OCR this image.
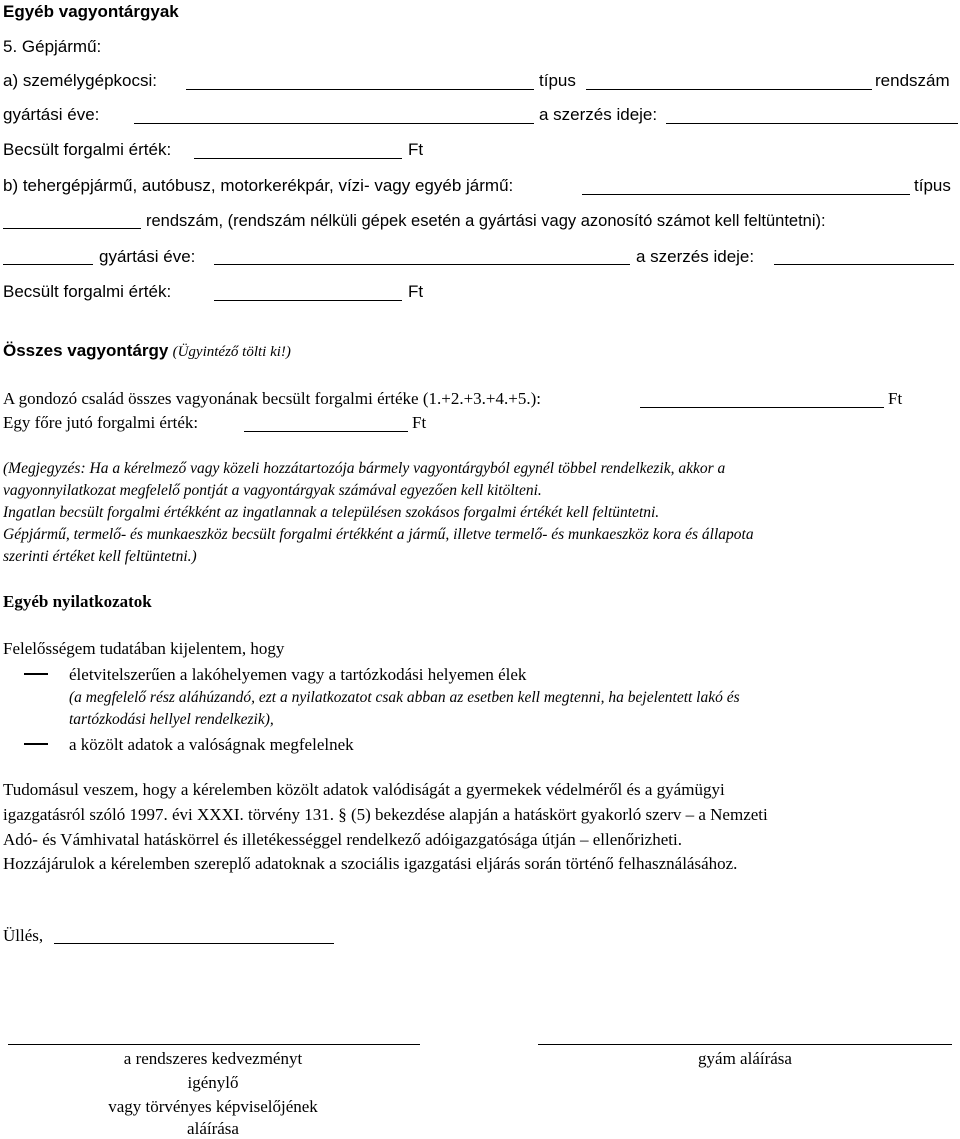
Egyéb vagyontárgyak
5. Gépjármű:
a) személygépkocsi:	típus	rendszám
gyártási éve:	a szerzés ideje:
Becsült forgalmi érték:	Ft
b) tehergépjármű, autóbusz, motorkerékpár, vízi- vagy egyéb jármű:	típus
rendszám, (rendszám nélküli gépek esetén a gyártási vagy azonosító számot kell feltüntetni):
gyártási éve:	a szerzés ideje:
Becsült forgalmi érték:	Ft
Összes vagyontárgy (Ügyintéző tölti ki!)
A gondozó család összes vagyonának becsült forgalmi értéke (1.+2.+3.+4.+5.):	Ft
Egy főre jutó forgalmi érték:	Ft
(Megjegyzés: Ha a kérelmező vagy közeli hozzátartozója bármely vagyontárgyból egynél többel rendelkezik, akkor a
vagyonnyilatkozat megfelelő pontját a vagyontárgyak számával egyezően kell kitölteni.
Ingatlan becsült forgalmi értékként az ingatlannak a településen szokásos forgalmi értékét kell feltüntetni.
Gépjármű, termelő- és munkaeszköz becsült forgalmi értékként a jármű, illetve termelő- és munkaeszköz kora és állapota
szerinti értéket kell feltüntetni.)
Egyéb nyilatkozatok
Felelősségem tudatában kijelentem, hogy
életvitelszerűen a lakóhelyemen vagy a tartózkodási helyemen élek
(a megfelelő rész aláhúzandó, ezt a nyilatkozatot csak abban az esetben kell megtenni, ha bejelentett lakó és
tartózkodási hellyel rendelkezik),
a közölt adatok a valóságnak megfelelnek
Tudomásul veszem, hogy a kérelemben közölt adatok valódiságát a gyermekek védelméről és a gyámügyi
igazgatásról szóló 1997. évi XXXI. törvény 131. § (5) bekezdése alapján a hatáskört gyakorló szerv – a Nemzeti
Adó- és Vámhivatal hatáskörrel és illetékességgel rendelkező adóigazgatósága útján – ellenőrizheti.
Hozzájárulok a kérelemben szereplő adatoknak a szociális igazgatási eljárás során történő felhasználásához.
Üllés,
a rendszeres kedvezményt
igénylő
vagy törvényes képviselőjének
aláírása
gyám aláírása
